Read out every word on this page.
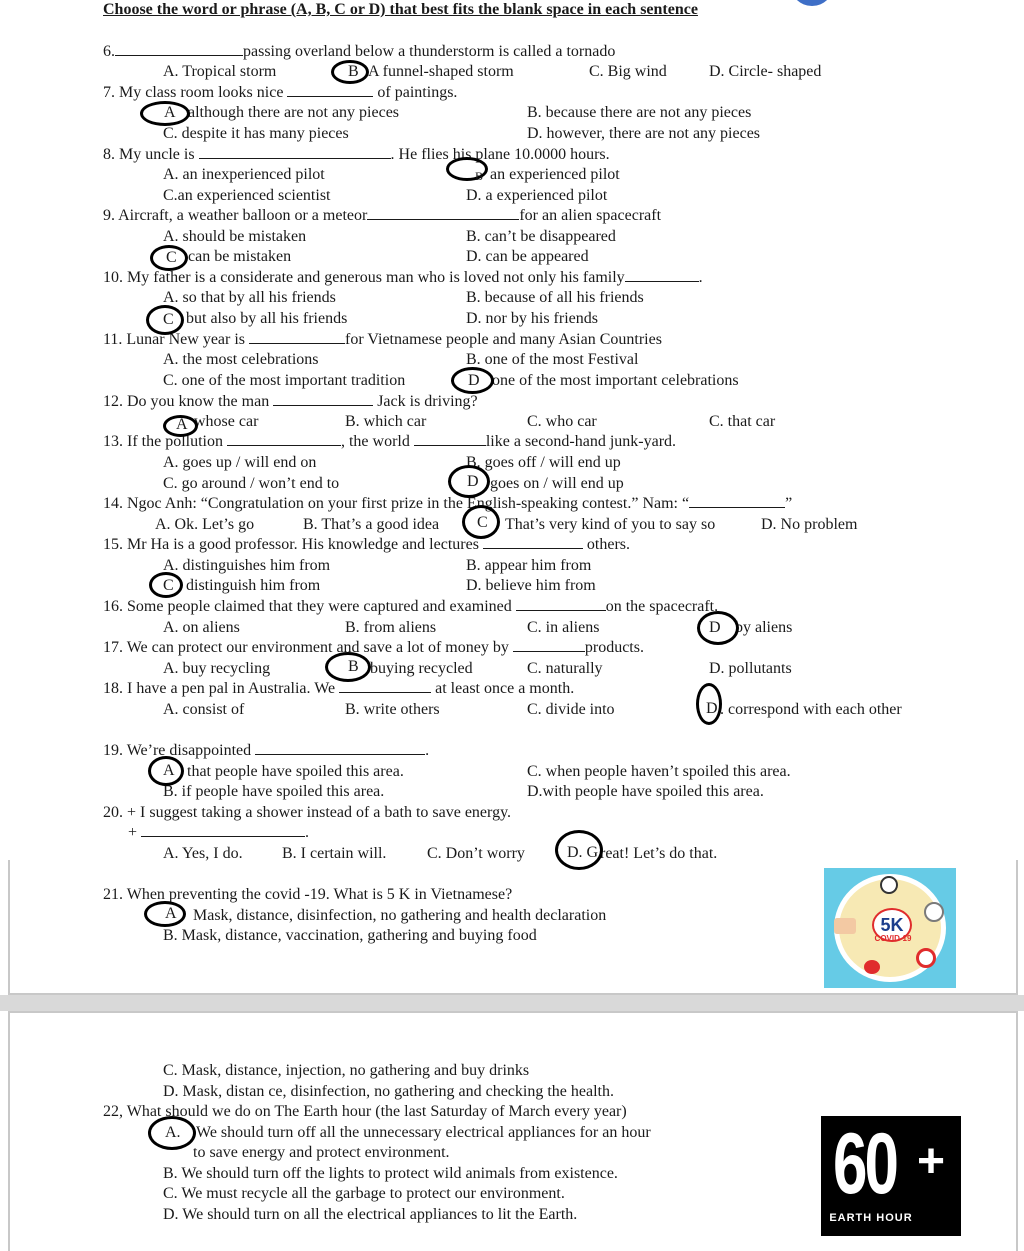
Choose the word or phrase (A, B, C or D) that best fits the blank space in each sentence
6.	passing overland below a thunderstorm is called a tornado
A. Tropical storm	A funnel-shaped storm	C. Big wind	D. Circle- shaped
7. My class room looks nice	of paintings.
although there are not any pieces	B. because there are not any pieces
C. despite it has many pieces	D. however, there are not any pieces
8. My uncle is	. He flies his plane 10.0000 hours.
A. an inexperienced pilot	an experienced pilot
C.an experienced scientist	D. a experienced pilot
9. Aircraft, a weather balloon or a meteor	for an alien spacecraft
A. should be mistaken	B. can’t be disappeared
can be mistaken	D. can be appeared
10. My father is a considerate and generous man who is loved not only his family	.
A. so that by all his friends	B. because of all his friends
but also by all his friends	D. nor by his friends
11. Lunar New year is	for Vietnamese people and many Asian Countries
A. the most celebrations	B. one of the most Festival
C. one of the most important tradition	one of the most important celebrations
12. Do you know the man	Jack is driving?
whose car	B. which car	C. who car	C. that car
13. If the pollution	, the world	like a second-hand junk-yard.
A. goes up / will end on	B. goes off / will end up
C. go around / won’t end to	goes on / will end up
14. Ngoc Anh: “Congratulation on your first prize in the English-speaking contest.” Nam: “	”
A. Ok. Let’s go	B. That’s a good idea	That’s very kind of you to say so	D. No problem
15. Mr Ha is a good professor. His knowledge and lectures	others.
A. distinguishes him from	B. appear him from
distinguish him from	D. believe him from
16. Some people claimed that they were captured and examined	on the spacecraft.
A. on aliens	B. from aliens	C. in aliens	by aliens
17. We can protect our environment and save a lot of money by	products.
A. buy recycling	buying recycled	C. naturally	D. pollutants
18. I have a pen pal in Australia. We	at least once a month.
A. consist of	B. write others	C. divide into	. correspond with each other
19. We’re disappointed	.
that people have spoiled this area.	C. when people haven’t spoiled this area.
B. if people have spoiled this area.	D.with people have spoiled this area.
20. + I suggest taking a shower instead of a bath to save energy.
+	.
A. Yes, I do. B. I certain will.	C. Don’t worry	reat! Let’s do that.
21. When preventing the covid -19. What is 5 K in Vietnamese?
Mask, distance, disinfection, no gathering and health declaration
B. Mask, distance, vaccination, gathering and buying food
C. Mask, distance, injection, no gathering and buy drinks
D. Mask, distan ce, disinfection, no gathering and checking the health.
22, What should we do on The Earth hour (the last Saturday of March every year)
We should turn off all the unnecessary electrical appliances for an hour
to save energy and protect environment.
B. We should turn off the lights to protect wild animals from existence.
C. We must recycle all the garbage to protect our environment.
D. We should turn on all the electrical appliances to lit the Earth.
B
A
B
C
C
D
A
D
C
C
D
B
D
A
D. G
A
A.
5K
COVID-19
60 +
EARTH HOUR
